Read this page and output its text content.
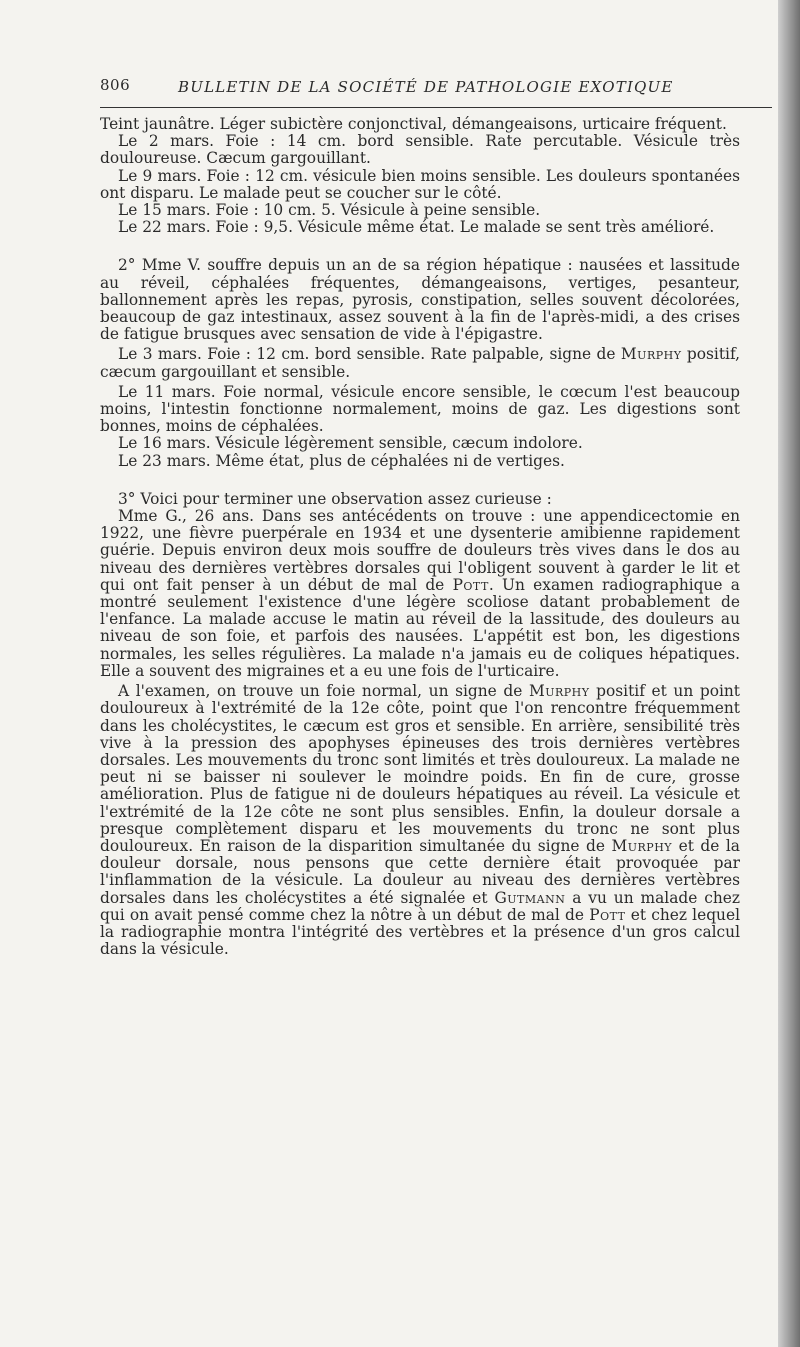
806	BULLETIN DE LA SOCIÉTÉ DE PATHOLOGIE EXOTIQUE

Teint jaunâtre. Léger subictère conjonctival, démangeaisons, urticaire fréquent.

Le 2 mars. Foie : 14 cm. bord sensible. Rate percutable. Vésicule très douloureuse. Cæcum gargouillant.

Le 9 mars. Foie : 12 cm. vésicule bien moins sensible. Les douleurs spontanées ont disparu. Le malade peut se coucher sur le côté.

Le 15 mars. Foie : 10 cm. 5. Vésicule à peine sensible.

Le 22 mars. Foie : 9,5. Vésicule même état. Le malade se sent très amélioré.

2° Mme V. souffre depuis un an de sa région hépatique : nausées et lassitude au réveil, céphalées fréquentes, démangeaisons, vertiges, pesanteur, ballonnement après les repas, pyrosis, constipation, selles souvent décolorées, beaucoup de gaz intestinaux, assez souvent à la fin de l'après-midi, a des crises de fatigue brusques avec sensation de vide à l'épigastre.

Le 3 mars. Foie : 12 cm. bord sensible. Rate palpable, signe de Murphy positif, cæcum gargouillant et sensible.

Le 11 mars. Foie normal, vésicule encore sensible, le cœcum l'est beaucoup moins, l'intestin fonctionne normalement, moins de gaz. Les digestions sont bonnes, moins de céphalées.

Le 16 mars. Vésicule légèrement sensible, cæcum indolore.

Le 23 mars. Même état, plus de céphalées ni de vertiges.

3° Voici pour terminer une observation assez curieuse :

Mme G., 26 ans. Dans ses antécédents on trouve : une appendicectomie en 1922, une fièvre puerpérale en 1934 et une dysenterie amibienne rapidement guérie. Depuis environ deux mois souffre de douleurs très vives dans le dos au niveau des dernières vertèbres dorsales qui l'obligent souvent à garder le lit et qui ont fait penser à un début de mal de Pott. Un examen radiographique a montré seulement l'existence d'une légère scoliose datant probablement de l'enfance. La malade accuse le matin au réveil de la lassitude, des douleurs au niveau de son foie, et parfois des nausées. L'appétit est bon, les digestions normales, les selles régulières. La malade n'a jamais eu de coliques hépatiques. Elle a souvent des migraines et a eu une fois de l'urticaire.

A l'examen, on trouve un foie normal, un signe de Murphy positif et un point douloureux à l'extrémité de la 12e côte, point que l'on rencontre fréquemment dans les cholécystites, le cæcum est gros et sensible. En arrière, sensibilité très vive à la pression des apophyses épineuses des trois dernières vertèbres dorsales. Les mouvements du tronc sont limités et très douloureux. La malade ne peut ni se baisser ni soulever le moindre poids. En fin de cure, grosse amélioration. Plus de fatigue ni de douleurs hépatiques au réveil. La vésicule et l'extrémité de la 12e côte ne sont plus sensibles. Enfin, la douleur dorsale a presque complètement disparu et les mouvements du tronc ne sont plus douloureux. En raison de la disparition simultanée du signe de Murphy et de la douleur dorsale, nous pensons que cette dernière était provoquée par l'inflammation de la vésicule. La douleur au niveau des dernières vertèbres dorsales dans les cholécystites a été signalée et Gutmann a vu un malade chez qui on avait pensé comme chez la nôtre à un début de mal de Pott et chez lequel la radiographie montra l'intégrité des vertèbres et la présence d'un gros calcul dans la vésicule.
